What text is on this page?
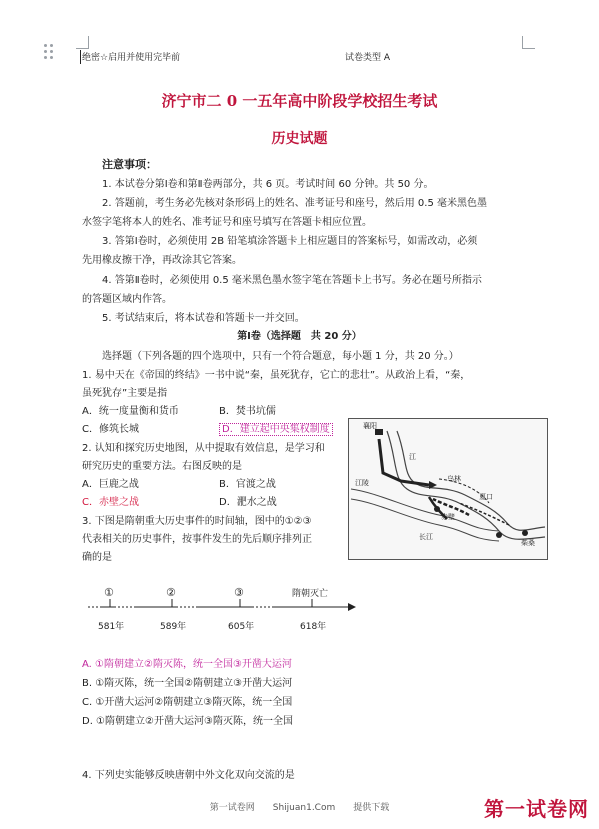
绝密☆启用并使用完毕前	试卷类型 A
济宁市二 0 一五年高中阶段学校招生考试
历史试题
注意事项：
1. 本试卷分第Ⅰ卷和第Ⅱ卷两部分，共 6 页。考试时间 60 分钟。共 50 分。
2. 答题前，考生务必先核对条形码上的姓名、准考证号和座号，然后用 0.5 毫米黑色墨
水签字笔将本人的姓名、准考证号和座号填写在答题卡相应位置。
3. 答第Ⅰ卷时，必须使用 2B 铅笔填涂答题卡上相应题目的答案标号，如需改动，必须
先用橡皮擦干净，再改涂其它答案。
4. 答第Ⅱ卷时，必须使用 0.5 毫米黑色墨水签字笔在答题卡上书写。务必在题号所指示
的答题区域内作答。
5. 考试结束后，将本试卷和答题卡一并交回。
第Ⅰ卷（选择题　共 20 分）
选择题（下列各题的四个选项中，只有一个符合题意，每小题 1 分，共 20 分。）
1. 易中天在《帝国的终结》一书中说“秦，虽死犹存，它亡的悲壮”。从政治上看，“秦，
虽死犹存”主要是指
A．统一度量衡和货币	B．焚书坑儒
C．修筑长城	D．建立起中央集权制度
2. 认知和探究历史地图，从中提取有效信息，是学习和
研究历史的重要方法。右图反映的是
A．巨鹿之战	B．官渡之战
C．赤壁之战	D．淝水之战
襄阳
江
赤壁
乌林
夏口
江陵
长江
柴桑
3. 下图是隋朝重大历史事件的时间轴，图中的①②③
代表相关的历史事件，按事件发生的先后顺序排列正
确的是
①	②	③	隋朝灭亡
581年	589年	605年	618年
A. ①隋朝建立②隋灭陈，统一全国③开凿大运河
B. ①隋灭陈，统一全国②隋朝建立③开凿大运河
C. ①开凿大运河②隋朝建立③隋灭陈，统一全国
D. ①隋朝建立②开凿大运河③隋灭陈，统一全国
4. 下列史实能够反映唐朝中外文化双向交流的是
第一试卷网　　Shijuan1.Com　　提供下载	第一试卷网
